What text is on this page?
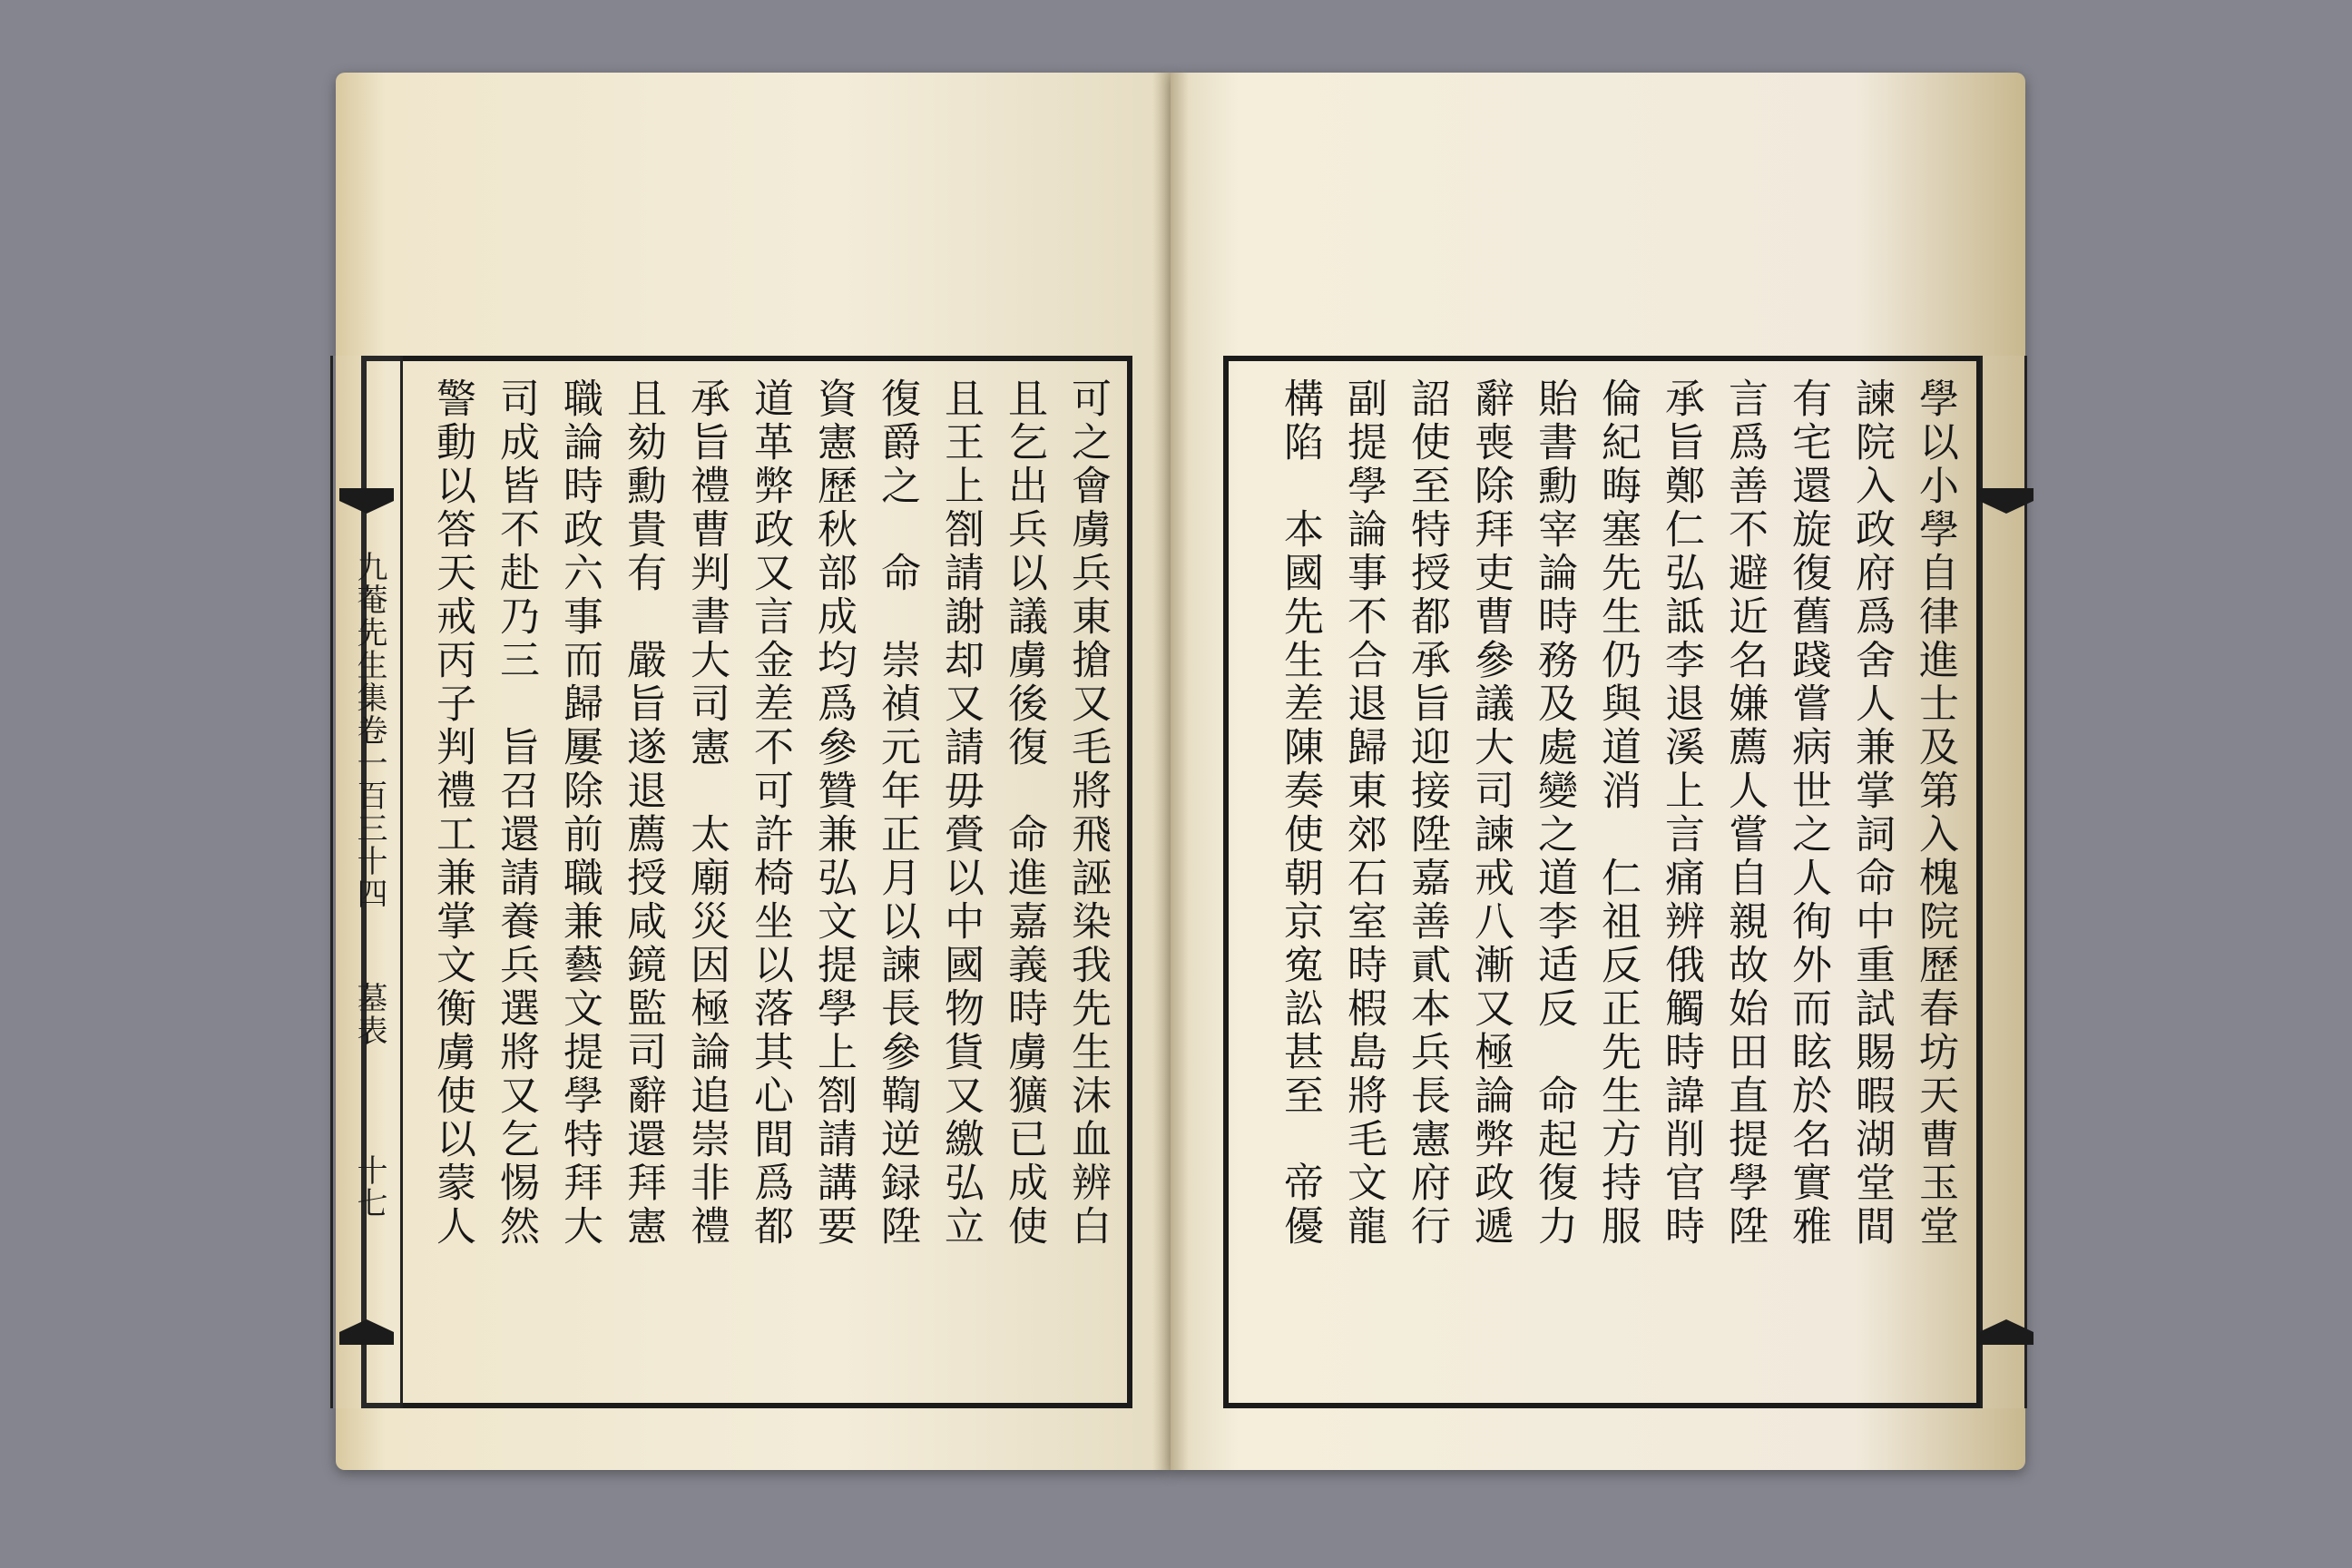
可之會虜兵東搶又毛將飛誣染我先生沫血辨白
且乞出兵以議虜後復　命進嘉義時虜獷已成使
且王上劄請謝却又請毋賫以中國物貨又繳弘立
復爵之　命　崇禎元年正月以諫長參鞫逆録陞
資憲歷秋部成均爲參贊兼弘文提學上劄請講要
道革弊政又言金差不可許椅坐以落其心間爲都
承旨禮曹判書大司憲　太廟災因極論追崇非禮
且劾勳貴有　嚴旨遂退薦授咸鏡監司辭還拜憲
職論時政六事而歸屢除前職兼藝文提學特拜大
司成皆不赴乃三　旨召還請養兵選將又乞惕然
警動以答天戒丙子判禮工兼掌文衡虜使以蒙人
九菴先生集卷一百三十四
墓表
十七	學以小學自律進士及第入槐院歷春坊天曹玉堂
諫院入政府爲舍人兼掌詞命中重試賜暇湖堂間
有宅還旋復舊踐嘗病世之人徇外而眩於名實雅
言爲善不避近名嫌薦人嘗自親故始田直提學陞
承旨鄭仁弘詆李退溪上言痛辨俄觸時諱削官時
倫紀晦塞先生仍與道消　仁祖反正先生方持服
貽書勳宰論時務及處變之道李适反　命起復力
辭喪除拜吏曹參議大司諫戒八漸又極論弊政遞
詔使至特授都承旨迎接陞嘉善貳本兵長憲府行
副提學論事不合退歸東郊石室時椵島將毛文龍
構陷　本國先生差陳奏使朝京寃訟甚至　帝優
